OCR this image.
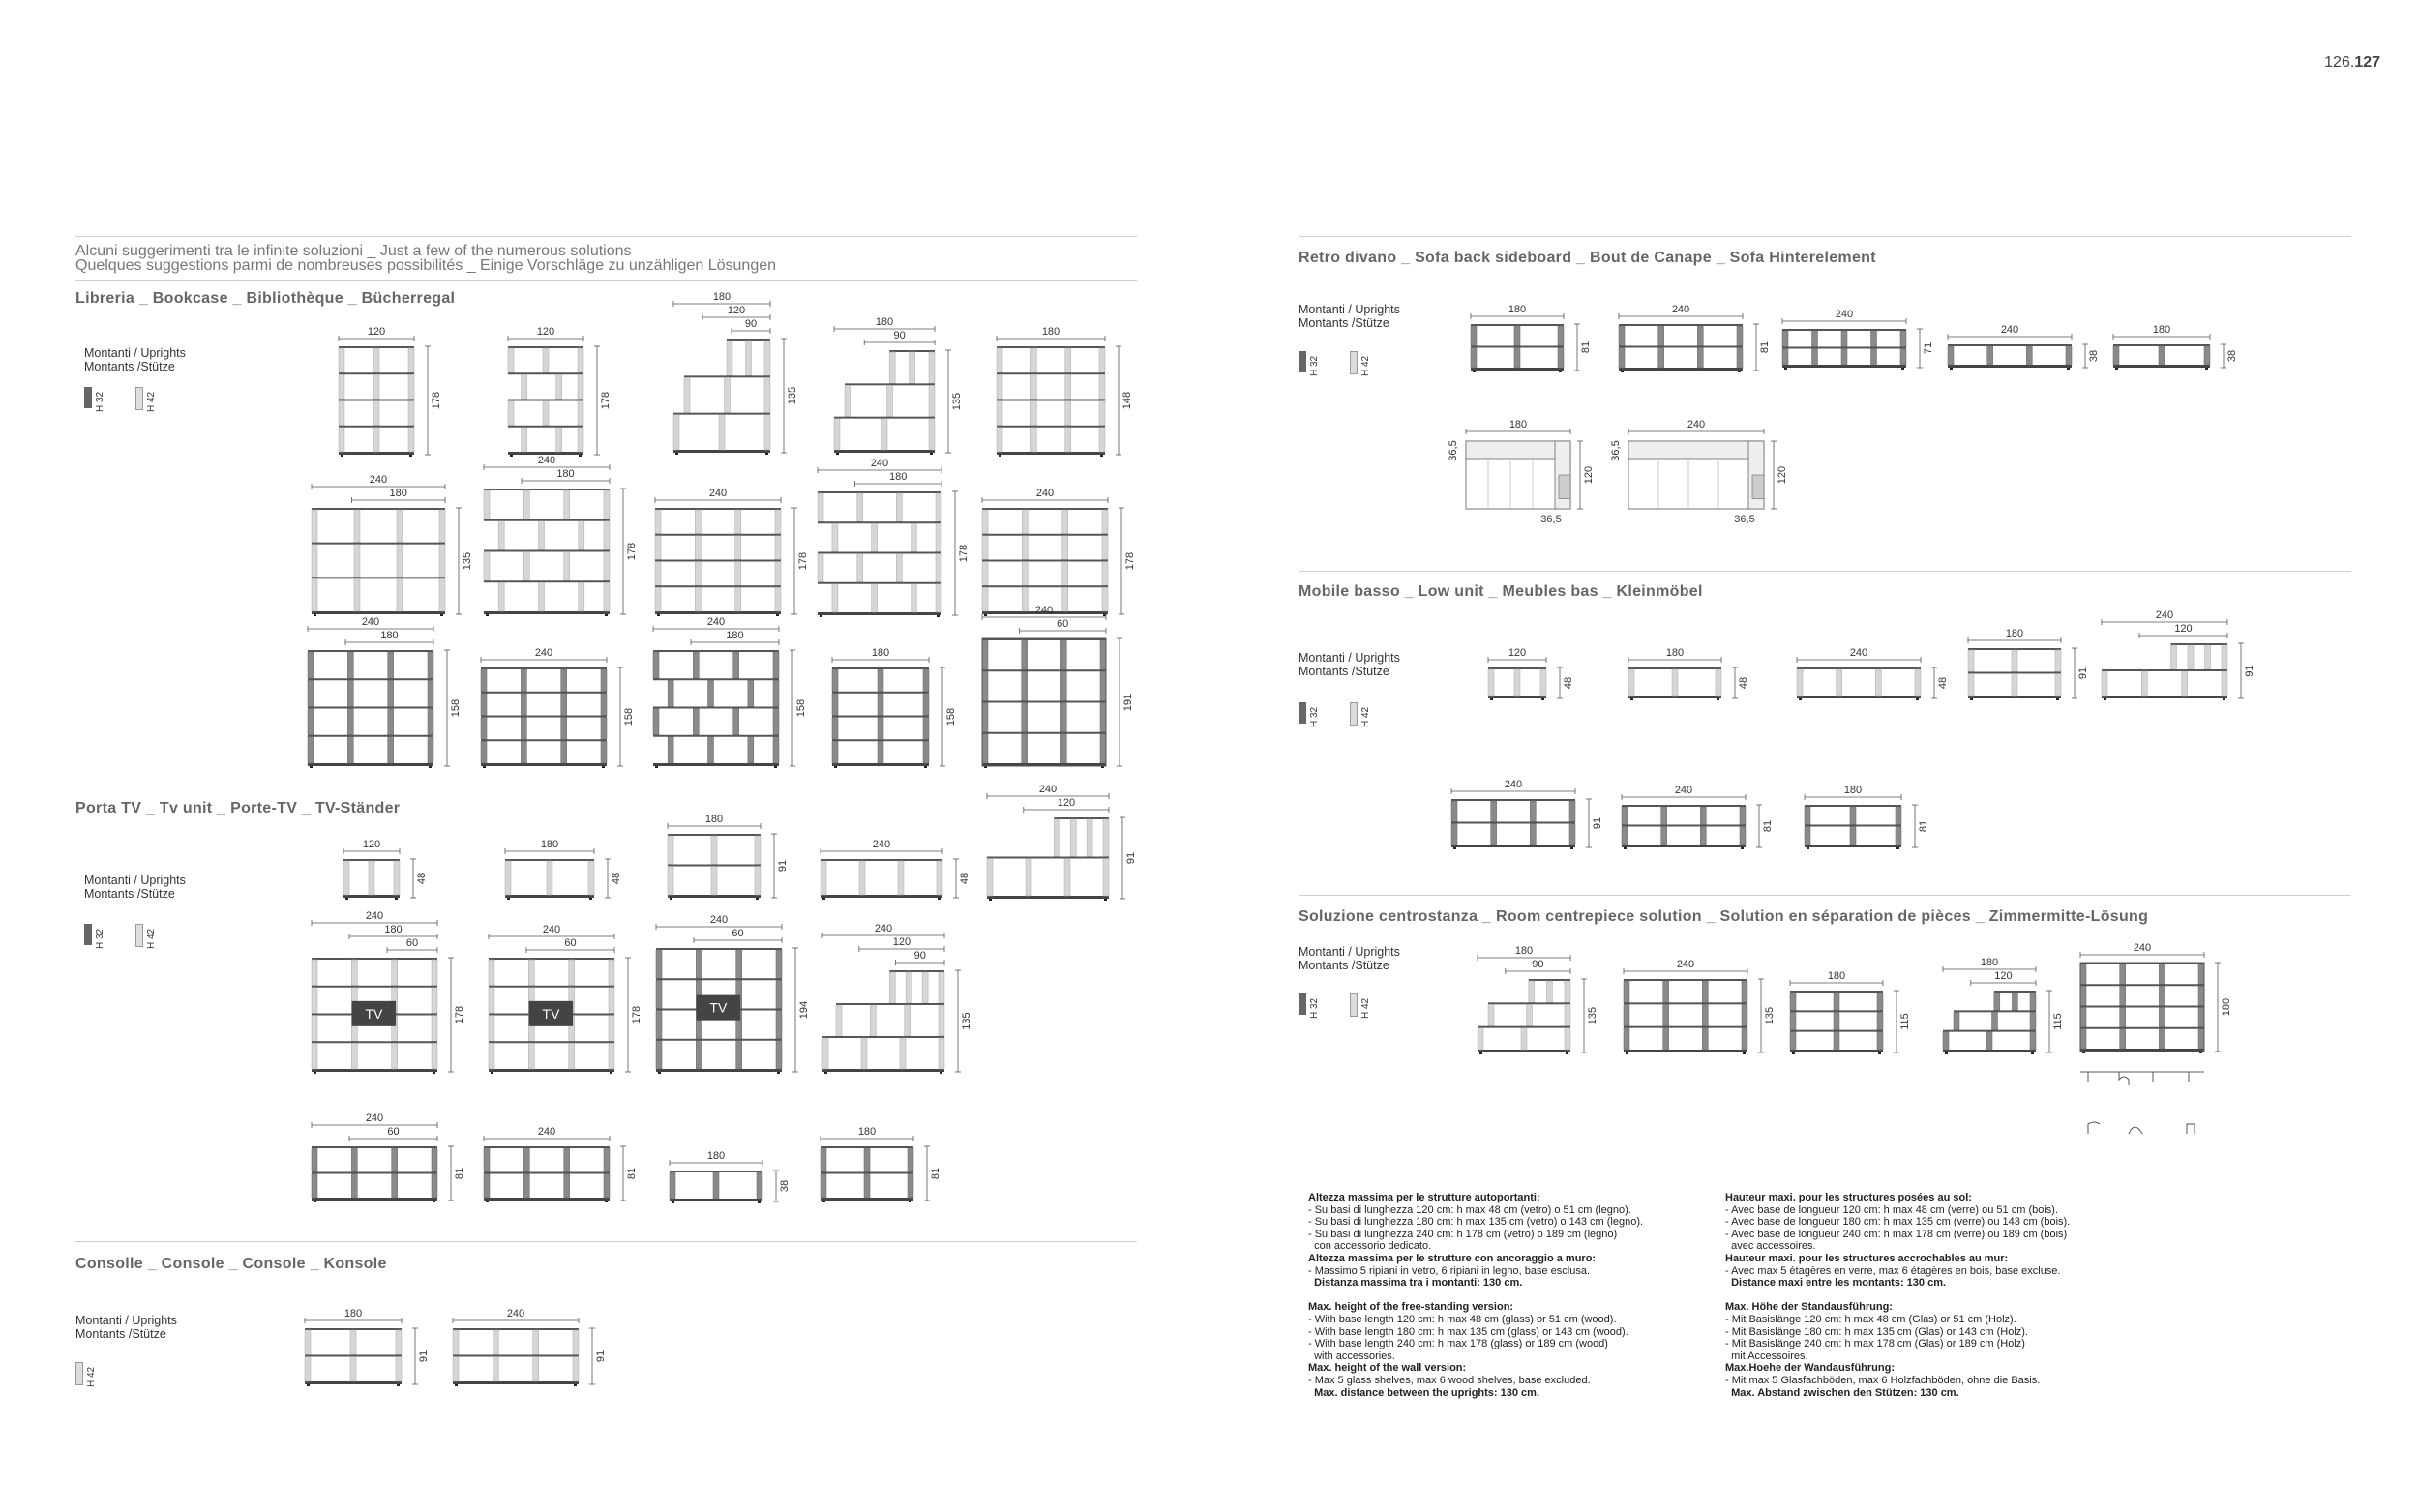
126.127
Alcuni suggerimenti tra le infinite soluzioni _ Just a few of the numerous solutions
Quelques suggestions parmi de nombreuses possibilités _ Einige Vorschläge zu unzähligen Lösungen
Libreria _ Bookcase _ Bibliothèque _ Bücherregal
Porta TV _ Tv unit _ Porte-TV _ TV-Ständer
Consolle _ Console _ Console _ Konsole
Retro divano _ Sofa back sideboard _ Bout de Canape _ Sofa Hinterelement
Mobile basso _ Low unit _ Meubles bas _ Kleinmöbel
Soluzione centrostanza _ Room centrepiece solution _ Solution en séparation de pièces _ Zimmermitte-Lösung
Montanti / Uprights
Montants /Stütze
H 32	H 42
Montanti / Uprights
Montants /Stütze
H 32	H 42
Montanti / Uprights
Montants /Stütze
H 42
Montanti / Uprights
Montants /Stütze
H 32	H 42
Montanti / Uprights
Montants /Stütze
H 32	H 42
Montanti / Uprights
Montants /Stütze
H 32	H 42
Altezza massima per le strutture autoportanti:
- Su basi di lunghezza 120 cm: h max 48 cm (vetro) o 51 cm (legno).
- Su basi di lunghezza 180 cm: h max 135 cm (vetro) o 143 cm (legno).
- Su basi di lunghezza 240 cm: h 178 cm (vetro) o 189 cm (legno)
con accessorio dedicato.
Altezza massima per le strutture con ancoraggio a muro:
- Massimo 5 ripiani in vetro, 6 ripiani in legno, base esclusa.
Distanza massima tra i montanti: 130 cm.

Max. height of the free-standing version:
- With base length 120 cm: h max 48 cm (glass) or 51 cm (wood).
- With base length 180 cm: h max 135 cm (glass) or 143 cm (wood).
- With base length 240 cm: h max 178 (glass) or 189 cm (wood)
with accessories.
Max. height of the wall version:
- Max 5 glass shelves, max 6 wood shelves, base excluded.
Max. distance between the uprights: 130 cm.
Hauteur maxi. pour les structures posées au sol:
- Avec base de longueur 120 cm: h max 48 cm (verre) ou 51 cm (bois).
- Avec base de longueur 180 cm: h max 135 cm (verre) ou 143 cm (bois).
- Avec base de longueur 240 cm: h max 178 cm (verre) ou 189 cm (bois)
avec accessoires.
Hauteur maxi. pour les structures accrochables au mur:
- Avec max 5 étagères en verre, max 6 étagères en bois, base excluse.
Distance maxi entre les montants: 130 cm.

Max. Höhe der Standausführung:
- Mit Basislänge 120 cm: h max 48 cm (Glas) or 51 cm (Holz).
- Mit Basislänge 180 cm: h max 135 cm (Glas) or 143 cm (Holz).
- Mit Basislänge 240 cm: h max 178 cm (Glas) or 189 cm (Holz)
mit Accessoires.
Max.Hoehe der Wandausführung:
- Mit max 5 Glasfachböden, max 6 Holzfachböden, ohne die Basis.
Max. Abstand zwischen den Stützen: 130 cm.
120
178
120
178
180
120
90
135
180
90
135
180
148
240
180
135
240
180
178
240
178
240
180
178
240
178
240
180
158
240
158
240
180
158
180
158
240
60
191
120
48
180
48
180
91
240
48
240
120
91
240
180
60
178
TV
240
60
178
TV
240
60
194
TV
240
120
90
135
240
60
81
240
81
180
38
180
81
180
91
240
91
180
81
240
81
240
71
240
38
180
38
120
48
180
48
240
48
180
91
240
120
91
240
91
240
81
180
81
180
90
135
240
135
180
115
180
120
115
240
180
180
120
36,5
36,5
240
120
36,5
36,5
